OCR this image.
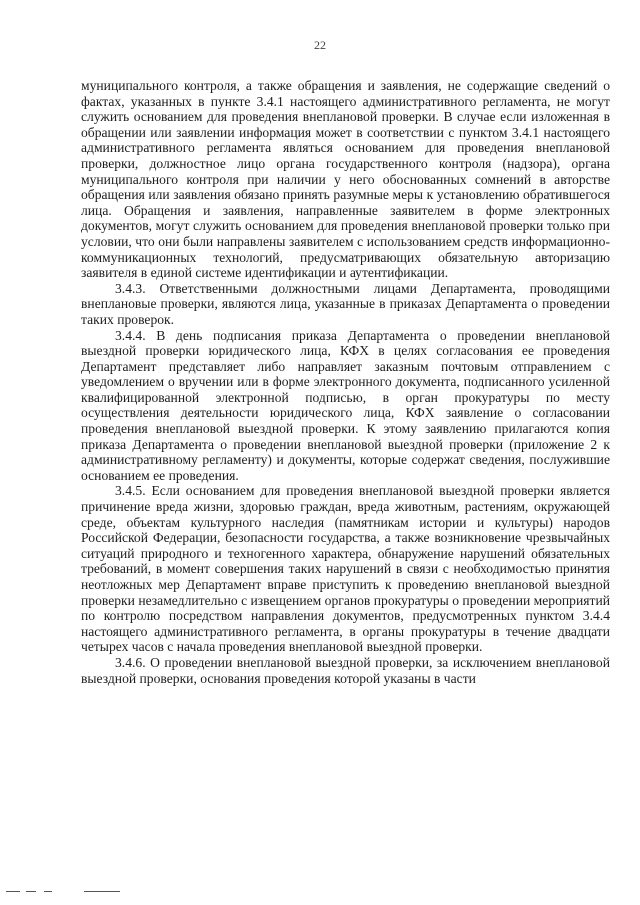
22

муниципального контроля, а также обращения и заявления, не содержащие сведений о фактах, указанных в пункте 3.4.1 настоящего административного регламента, не могут служить основанием для проведения внеплановой проверки. В случае если изложенная в обращении или заявлении информация может в соответствии с пунктом 3.4.1 настоящего административного регламента являться основанием для проведения внеплановой проверки, должностное лицо органа государственного контроля (надзора), органа муниципального контроля при наличии у него обоснованных сомнений в авторстве обращения или заявления обязано принять разумные меры к установлению обратившегося лица. Обращения и заявления, направленные заявителем в форме электронных документов, могут служить основанием для проведения внеплановой проверки только при условии, что они были направлены заявителем с использованием средств информационно-коммуникационных технологий, предусматривающих обязательную авторизацию заявителя в единой системе идентификации и аутентификации.

3.4.3. Ответственными должностными лицами Департамента, проводящими внеплановые проверки, являются лица, указанные в приказах Департамента о проведении таких проверок.

3.4.4. В день подписания приказа Департамента о проведении внеплановой выездной проверки юридического лица, КФХ в целях согласования ее проведения Департамент представляет либо направляет заказным почтовым отправлением с уведомлением о вручении или в форме электронного документа, подписанного усиленной квалифицированной электронной подписью, в орган прокуратуры по месту осуществления деятельности юридического лица, КФХ заявление о согласовании проведения внеплановой выездной проверки. К этому заявлению прилагаются копия приказа Департамента о проведении внеплановой выездной проверки (приложение 2 к административному регламенту) и документы, которые содержат сведения, послужившие основанием ее проведения.

3.4.5. Если основанием для проведения внеплановой выездной проверки является причинение вреда жизни, здоровью граждан, вреда животным, растениям, окружающей среде, объектам культурного наследия (памятникам истории и культуры) народов Российской Федерации, безопасности государства, а также возникновение чрезвычайных ситуаций природного и техногенного характера, обнаружение нарушений обязательных требований, в момент совершения таких нарушений в связи с необходимостью принятия неотложных мер Департамент вправе приступить к проведению внеплановой выездной проверки незамедлительно с извещением органов прокуратуры о проведении мероприятий по контролю посредством направления документов, предусмотренных пунктом 3.4.4 настоящего административного регламента, в органы прокуратуры в течение двадцати четырех часов с начала проведения внеплановой выездной проверки.

3.4.6. О проведении внеплановой выездной проверки, за исключением внеплановой выездной проверки, основания проведения которой указаны в части
